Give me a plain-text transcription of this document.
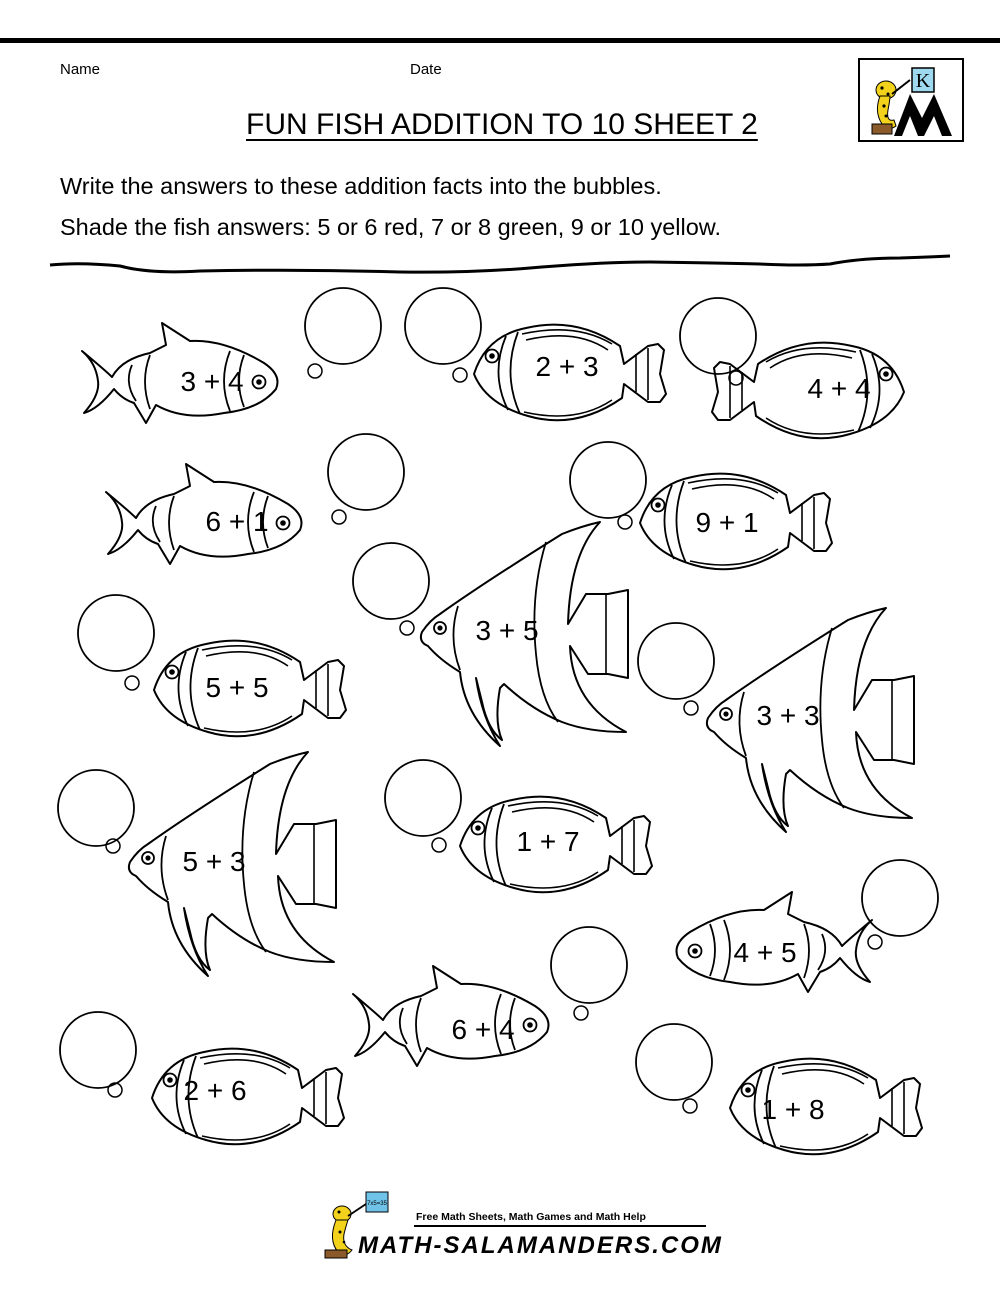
Name	Date
FUN FISH ADDITION TO 10 SHEET 2
Write the answers to these addition facts into the bubbles.
Shade the fish answers: 5 or 6 red, 7 or 8 green, 9 or 10 yellow.
K
7x5=35
3 + 4	2 + 3
4 + 4
6 + 1	9 + 1
3 + 5
5 + 5
3 + 3
5 + 3
1 + 7
4 + 5
6 + 4
2 + 6
1 + 8
Free Math Sheets, Math Games and Math Help
MATH-SALAMANDERS.COM
